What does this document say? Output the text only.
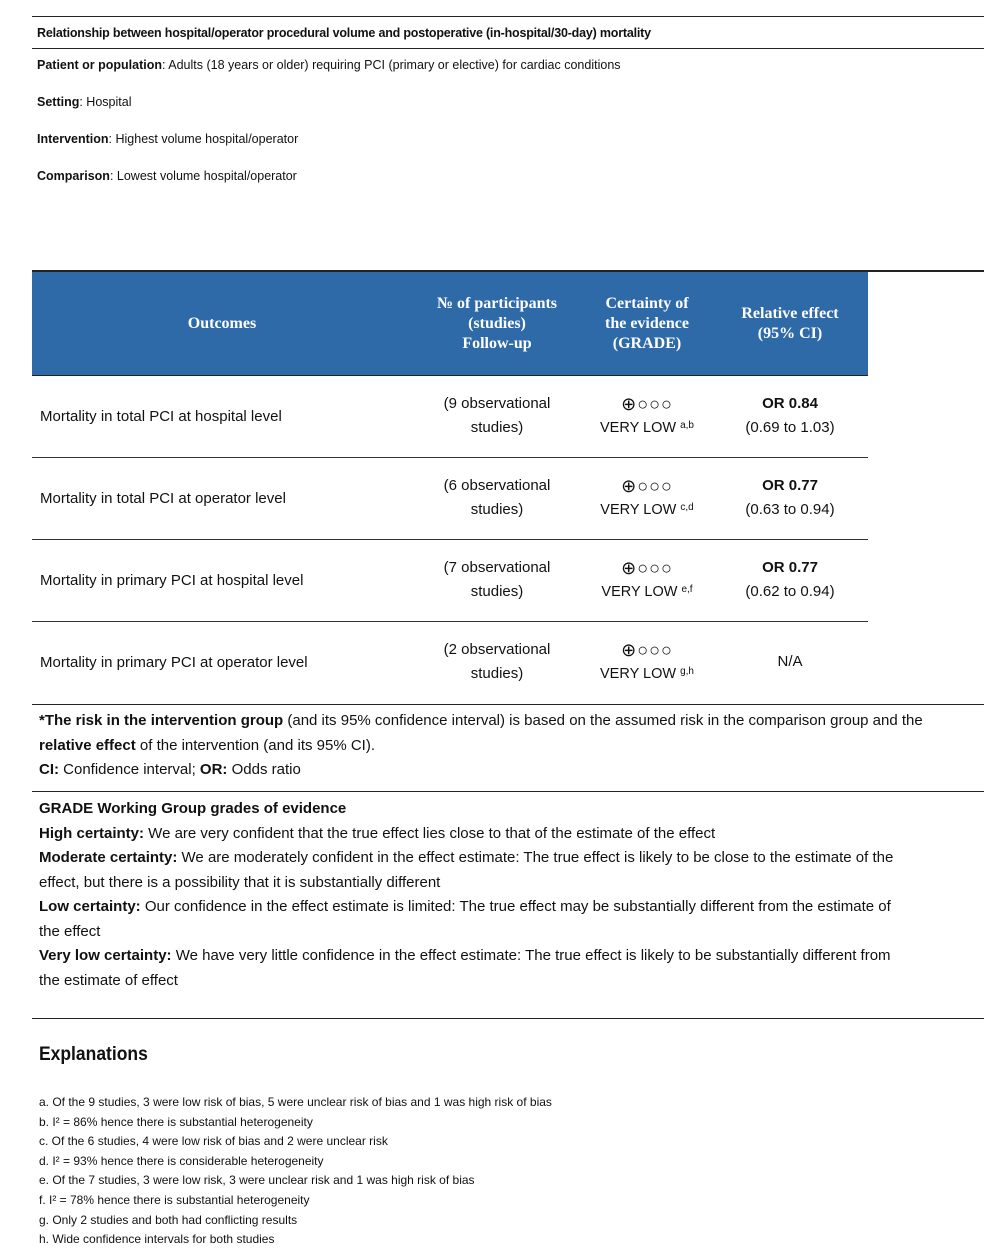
Relationship between hospital/operator procedural volume and postoperative (in-hospital/30-day) mortality
Patient or population: Adults (18 years or older) requiring PCI (primary or elective) for cardiac conditions
Setting: Hospital
Intervention: Highest volume hospital/operator
Comparison: Lowest volume hospital/operator
Outcomes
№ of participants
(studies)
Follow-up
Certainty of
the evidence
(GRADE)
Relative effect
(95% CI)
Mortality in total PCI at hospital level
(9 observational
studies)
⊕○○○
VERY LOW $^{a,b}$
OR 0.84
(0.69 to 1.03)
Mortality in total PCI at operator level
(6 observational
studies)
⊕○○○
VERY LOW $^{c,d}$
OR 0.77
(0.63 to 0.94)
Mortality in primary PCI at hospital level
(7 observational
studies)
⊕○○○
VERY LOW $^{e,f}$
OR 0.77
(0.62 to 0.94)
Mortality in primary PCI at operator level
(2 observational
studies)
⊕○○○
VERY LOW $^{g,h}$
N/A
*The risk in the intervention group (and its 95% confidence interval) is based on the assumed risk in the comparison group and the
relative effect of the intervention (and its 95% CI).
CI: Confidence interval; OR: Odds ratio
GRADE Working Group grades of evidence
High certainty: We are very confident that the true effect lies close to that of the estimate of the effect
Moderate certainty: We are moderately confident in the effect estimate: The true effect is likely to be close to the estimate of the
effect, but there is a possibility that it is substantially different
Low certainty: Our confidence in the effect estimate is limited: The true effect may be substantially different from the estimate of
the effect
Very low certainty: We have very little confidence in the effect estimate: The true effect is likely to be substantially different from
the estimate of effect
Explanations
a. Of the 9 studies, 3 were low risk of bias, 5 were unclear risk of bias and 1 was high risk of bias
b. I² = 86% hence there is substantial heterogeneity
c. Of the 6 studies, 4 were low risk of bias and 2 were unclear risk
d. I² = 93% hence there is considerable heterogeneity
e. Of the 7 studies, 3 were low risk, 3 were unclear risk and 1 was high risk of bias
f. I² = 78% hence there is substantial heterogeneity
g. Only 2 studies and both had conflicting results
h. Wide confidence intervals for both studies
